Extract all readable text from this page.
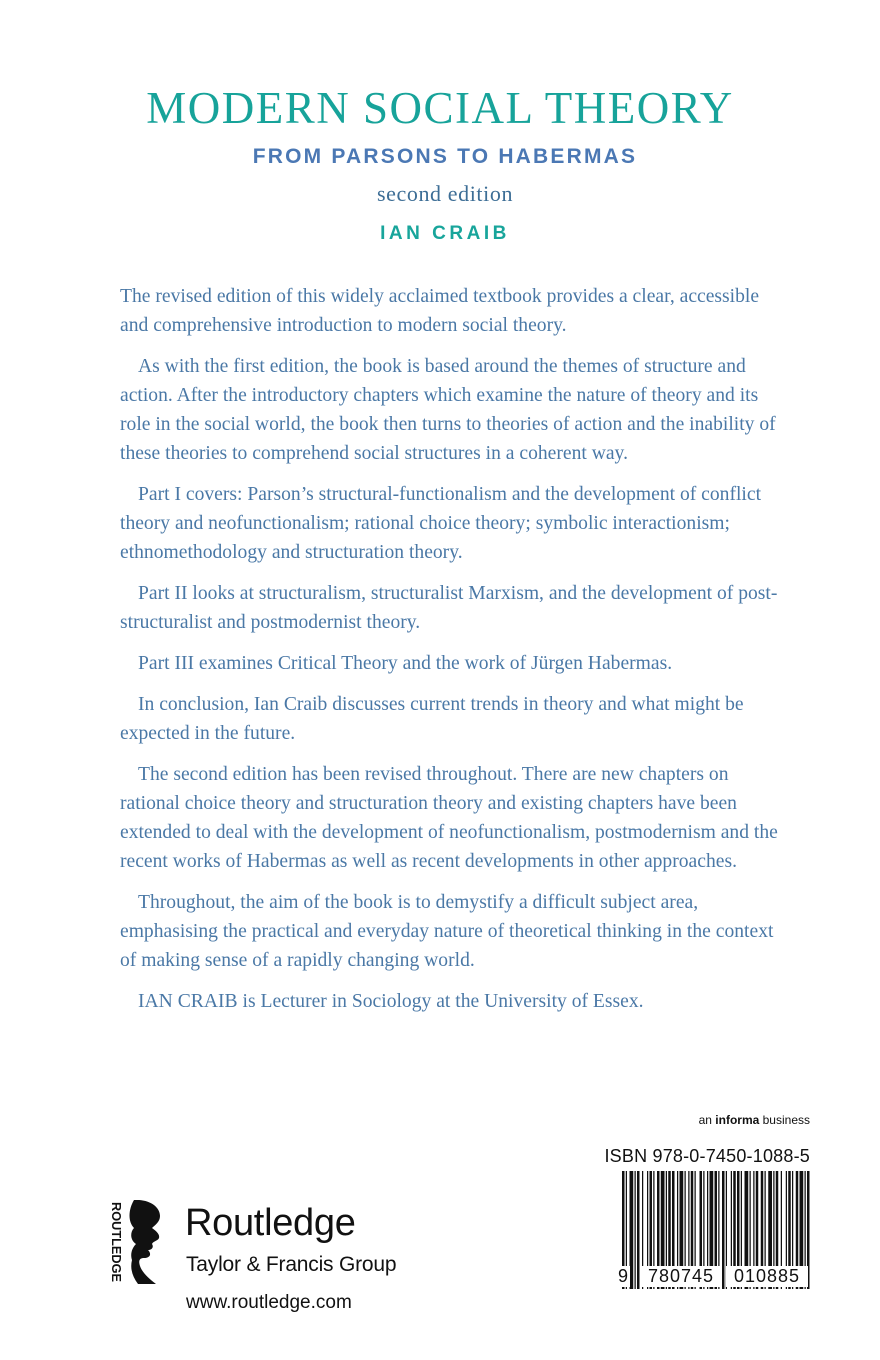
MODERN SOCIAL THEORY
FROM PARSONS TO HABERMAS
second edition
IAN CRAIB

The revised edition of this widely acclaimed textbook provides a clear, accessible and comprehensive introduction to modern social theory.

As with the first edition, the book is based around the themes of structure and action. After the introductory chapters which examine the nature of theory and its role in the social world, the book then turns to theories of action and the inability of these theories to comprehend social structures in a coherent way.

Part I covers: Parson’s structural-functionalism and the development of conflict theory and neofunctionalism; rational choice theory; symbolic interactionism; ethnomethodology and structuration theory.

Part II looks at structuralism, structuralist Marxism, and the development of post-structuralist and postmodernist theory.

Part III examines Critical Theory and the work of Jürgen Habermas.

In conclusion, Ian Craib discusses current trends in theory and what might be expected in the future.

The second edition has been revised throughout. There are new chapters on rational choice theory and structuration theory and existing chapters have been extended to deal with the development of neofunctionalism, postmodernism and the recent works of Habermas as well as recent developments in other approaches.

Throughout, the aim of the book is to demystify a difficult subject area, emphasising the practical and everyday nature of theoretical thinking in the context of making sense of a rapidly changing world.

IAN CRAIB is Lecturer in Sociology at the University of Essex.

an informa business
ISBN 978-0-7450-1088-5
9	780745	010885
ROUTLEDGE Routledge
Taylor & Francis Group
www.routledge.com
